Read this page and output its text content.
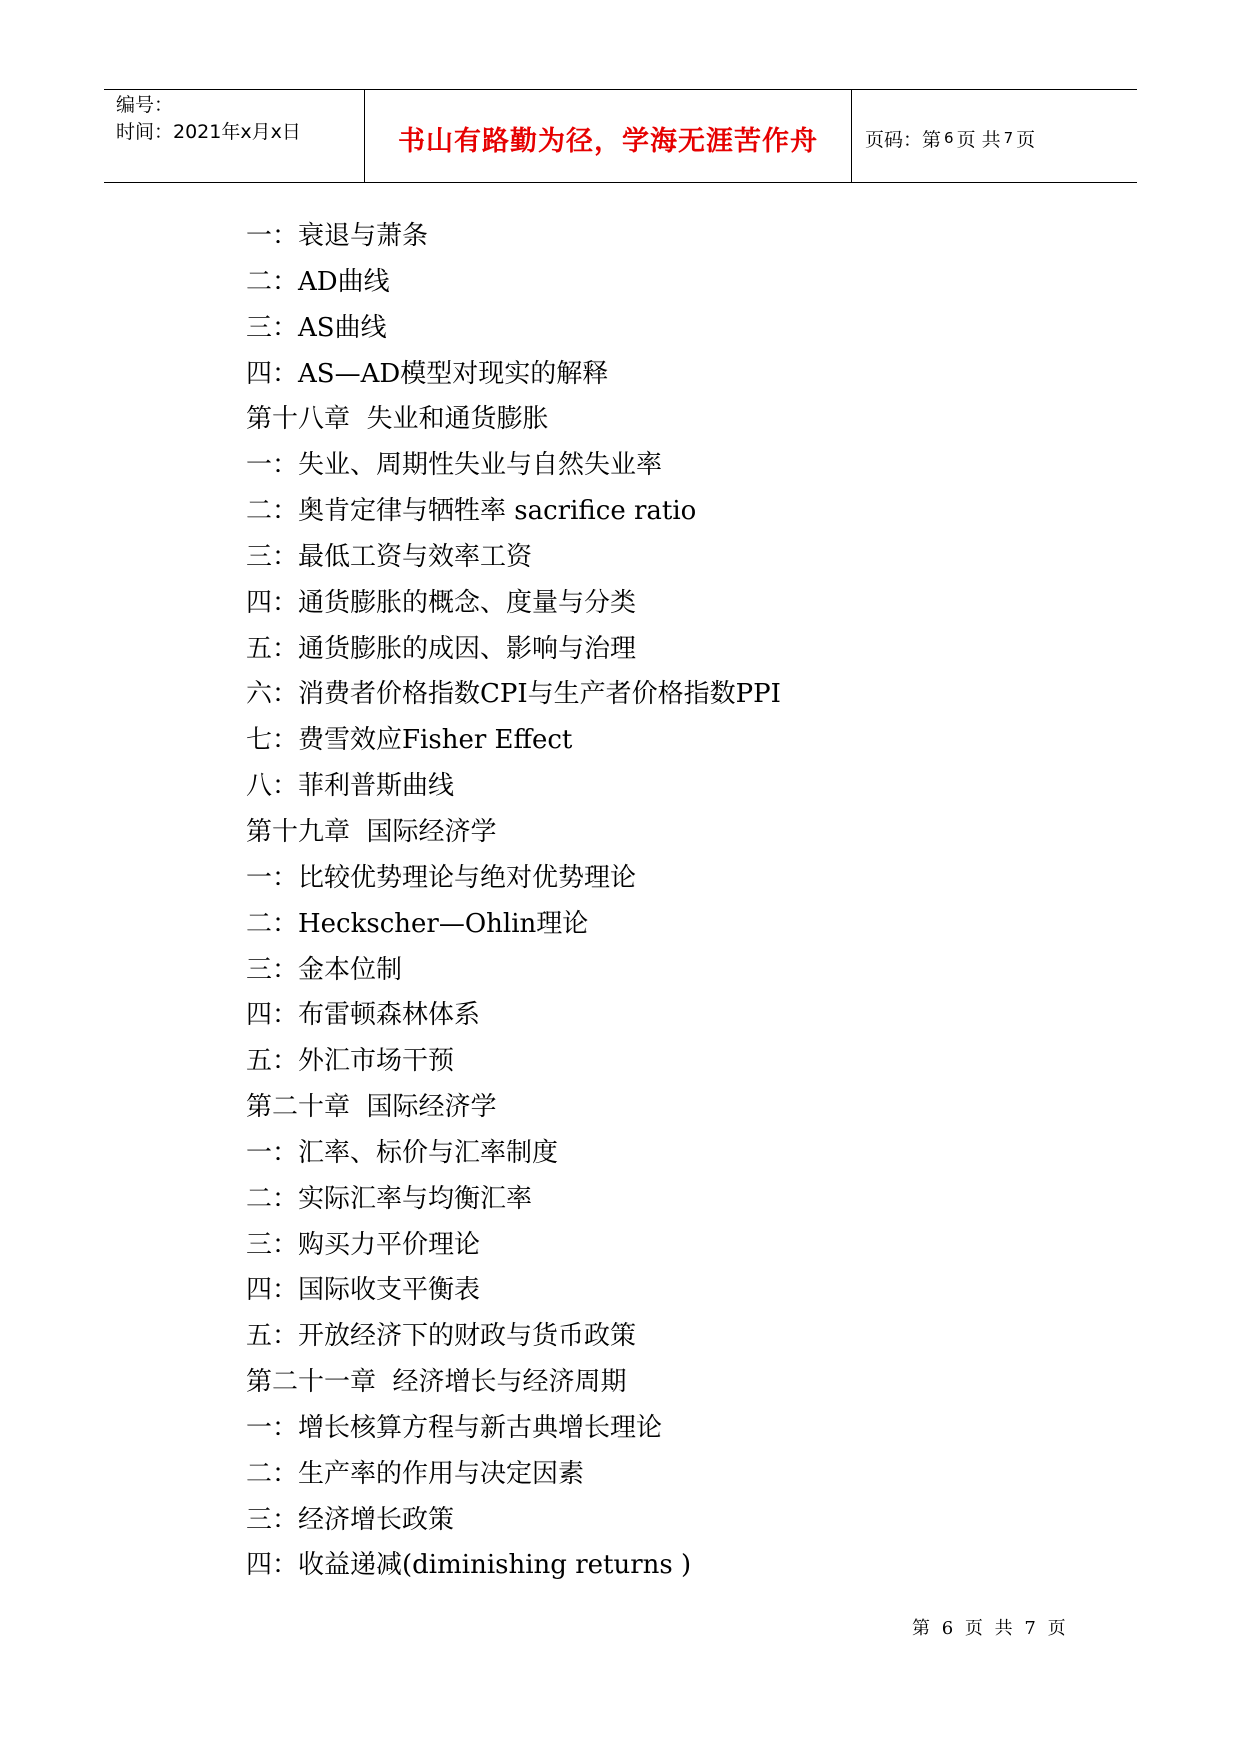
编号：
时间：2021年x月x日	书山有路勤为径，学海无涯苦作舟 页码：第 6 页 共 7 页
一：衰退与萧条
二：AD曲线
三：AS曲线
四：AS—AD模型对现实的解释
第十八章  失业和通货膨胀
一：失业、周期性失业与自然失业率
二：奥肯定律与牺牲率 sacrifice ratio
三：最低工资与效率工资
四：通货膨胀的概念、度量与分类
五：通货膨胀的成因、影响与治理
六：消费者价格指数CPI与生产者价格指数PPI
七：费雪效应Fisher Effect
八：菲利普斯曲线
第十九章  国际经济学
一：比较优势理论与绝对优势理论
二：Heckscher—Ohlin理论
三：金本位制
四：布雷顿森林体系
五：外汇市场干预
第二十章  国际经济学
一：汇率、标价与汇率制度
二：实际汇率与均衡汇率
三：购买力平价理论
四：国际收支平衡表
五：开放经济下的财政与货币政策
第二十一章  经济增长与经济周期
一：增长核算方程与新古典增长理论
二：生产率的作用与决定因素
三：经济增长政策
四：收益递减(diminishing returns )
第 6 页 共 7 页
